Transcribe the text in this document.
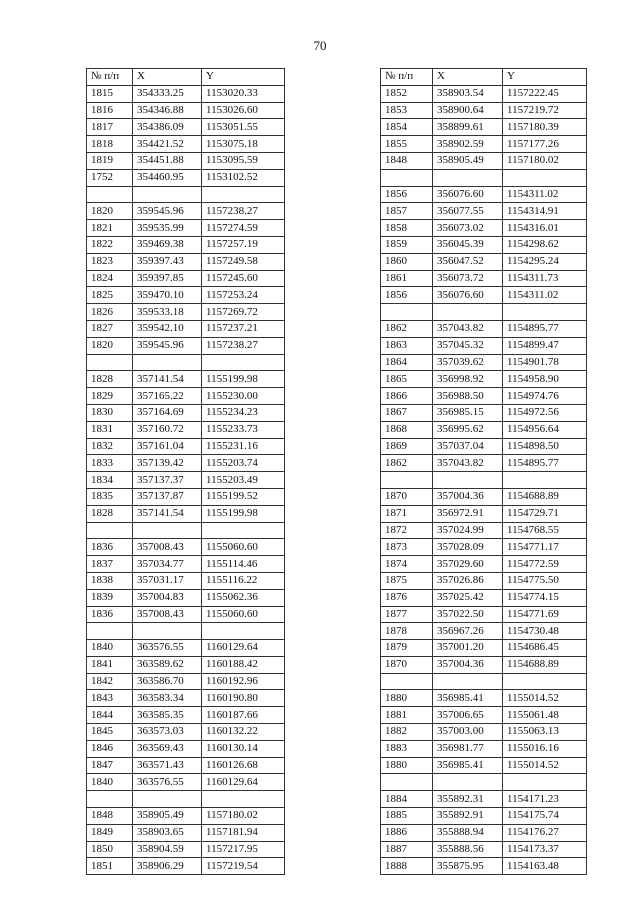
70
№ п/п	X	Y
1815	354333.25	1153020.33
1816	354346.88	1153026.60
1817	354386.09	1153051.55
1818	354421.52	1153075.18
1819	354451.88	1153095.59
1752	354460.95	1153102.52

1820	359545.96	1157238.27
1821	359535.99	1157274.59
1822	359469.38	1157257.19
1823	359397.43	1157249.58
1824	359397.85	1157245.60
1825	359470.10	1157253.24
1826	359533.18	1157269.72
1827	359542.10	1157237.21
1820	359545.96	1157238.27

1828	357141.54	1155199.98
1829	357165.22	1155230.00
1830	357164.69	1155234.23
1831	357160.72	1155233.73
1832	357161.04	1155231.16
1833	357139.42	1155203.74
1834	357137.37	1155203.49
1835	357137.87	1155199.52
1828	357141.54	1155199.98

1836	357008.43	1155060.60
1837	357034.77	1155114.46
1838	357031.17	1155116.22
1839	357004.83	1155062.36
1836	357008.43	1155060.60

1840	363576.55	1160129.64
1841	363589.62	1160188.42
1842	363586.70	1160192.96
1843	363583.34	1160190.80
1844	363585.35	1160187.66
1845	363573.03	1160132.22
1846	363569.43	1160130.14
1847	363571.43	1160126.68
1840	363576.55	1160129.64

1848	358905.49	1157180.02
1849	358903.65	1157181.94
1850	358904.59	1157217.95
1851	358906.29	1157219.54
№ п/п	X	Y
1852	358903.54	1157222.45
1853	358900.64	1157219.72
1854	358899.61	1157180.39
1855	358902.59	1157177.26
1848	358905.49	1157180.02

1856	356076.60	1154311.02
1857	356077.55	1154314.91
1858	356073.02	1154316.01
1859	356045.39	1154298.62
1860	356047.52	1154295.24
1861	356073.72	1154311.73
1856	356076.60	1154311.02

1862	357043.82	1154895.77
1863	357045.32	1154899.47
1864	357039.62	1154901.78
1865	356998.92	1154958.90
1866	356988.50	1154974.76
1867	356985.15	1154972.56
1868	356995.62	1154956.64
1869	357037.04	1154898.50
1862	357043.82	1154895.77

1870	357004.36	1154688.89
1871	356972.91	1154729.71
1872	357024.99	1154768.55
1873	357028.09	1154771.17
1874	357029.60	1154772.59
1875	357026.86	1154775.50
1876	357025.42	1154774.15
1877	357022.50	1154771.69
1878	356967.26	1154730.48
1879	357001.20	1154686.45
1870	357004.36	1154688.89

1880	356985.41	1155014.52
1881	357006.65	1155061.48
1882	357003.00	1155063.13
1883	356981.77	1155016.16
1880	356985.41	1155014.52

1884	355892.31	1154171.23
1885	355892.91	1154175.74
1886	355888.94	1154176.27
1887	355888.56	1154173.37
1888	355875.95	1154163.48
